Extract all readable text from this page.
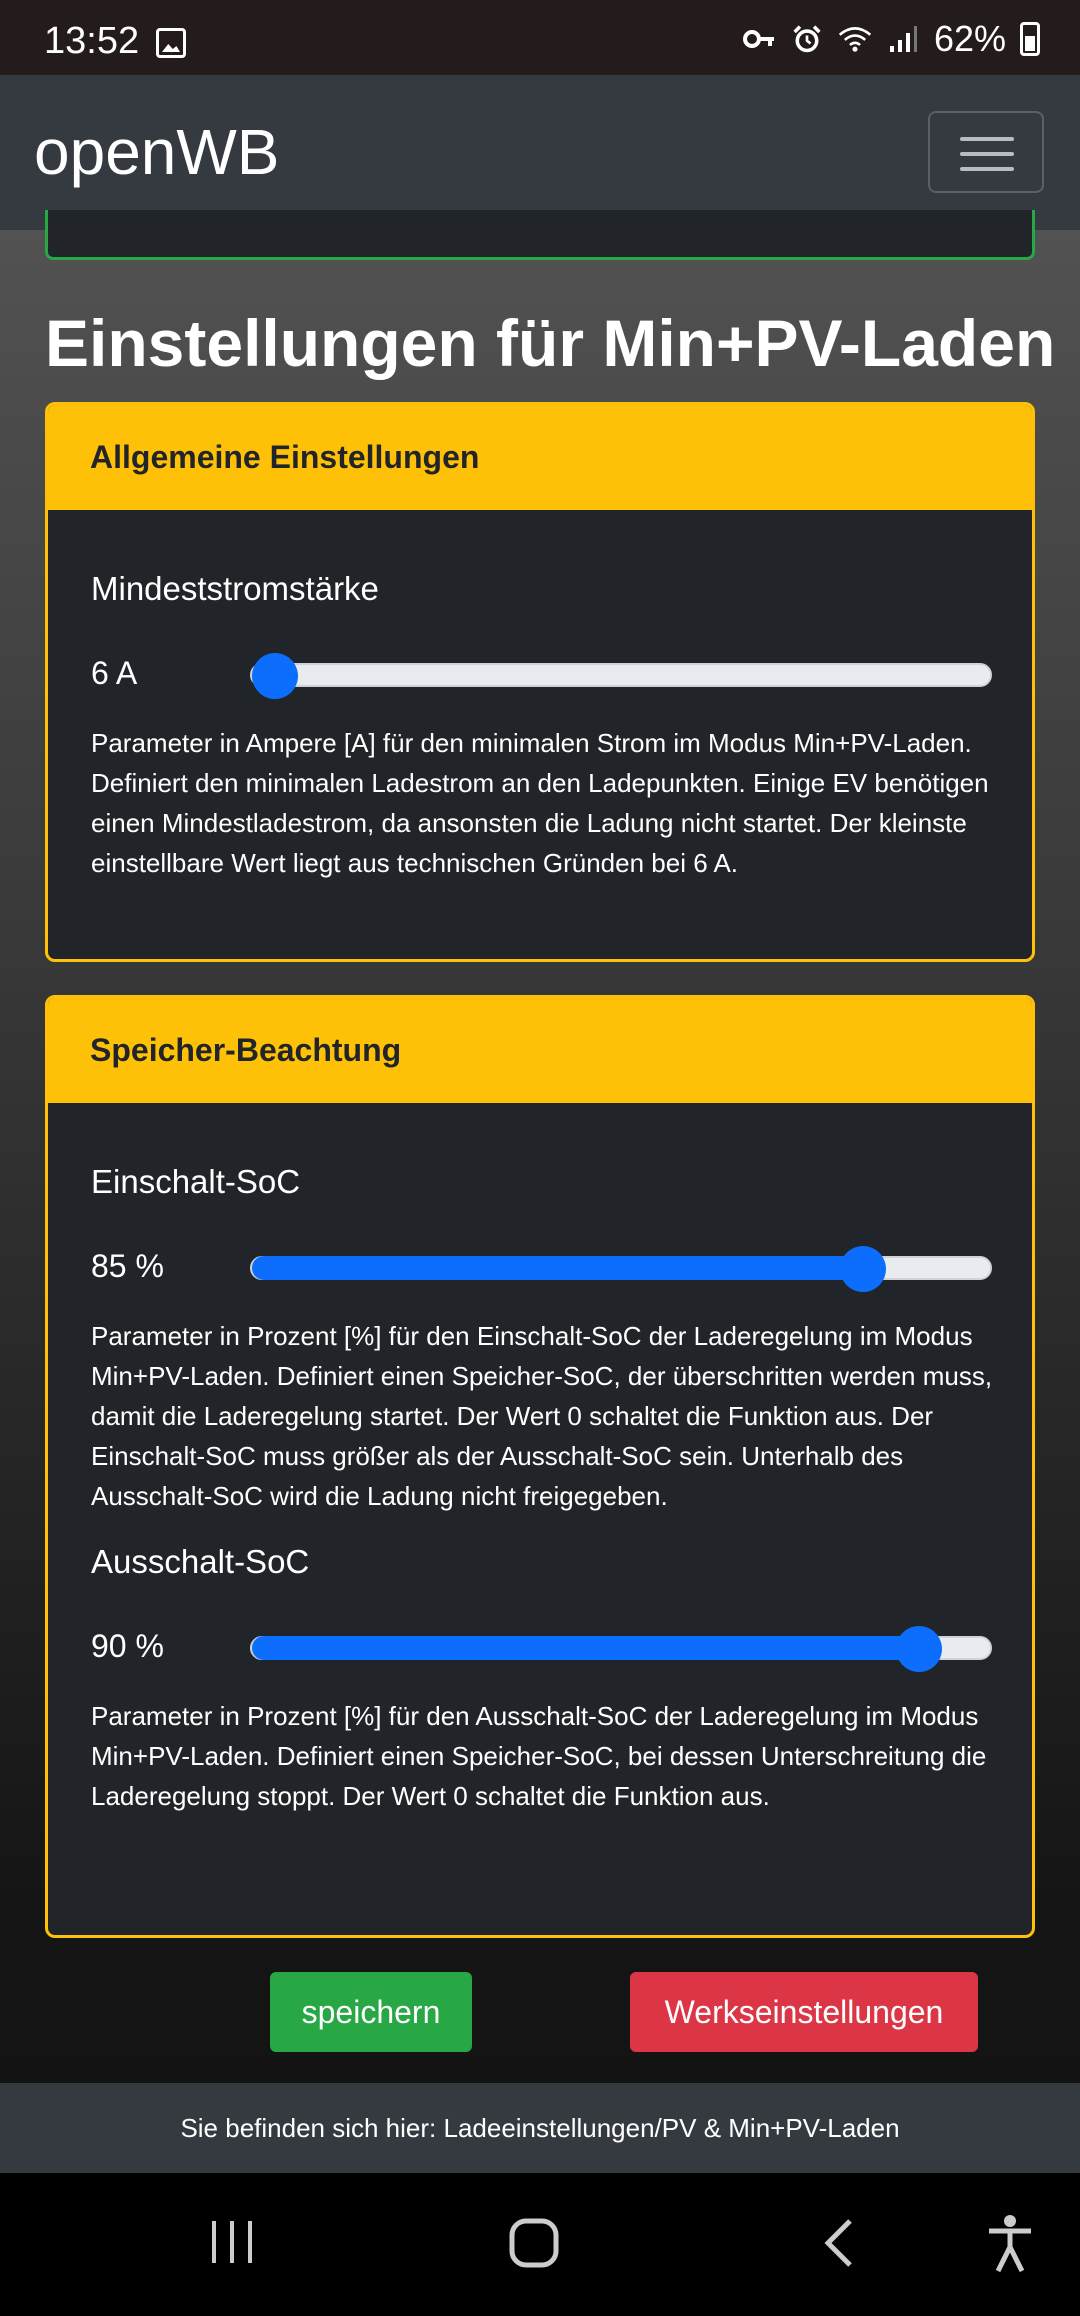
13:52	62%
openWB
Einstellungen für Min+PV-Laden
Allgemeine Einstellungen
Mindeststromstärke
6 A

Parameter in Ampere [A] für den minimalen Strom im Modus Min+PV-Laden. Definiert den minimalen Ladestrom an den Ladepunkten. Einige EV benötigen einen Mindestladestrom, da ansonsten die Ladung nicht startet. Der kleinste einstellbare Wert liegt aus technischen Gründen bei 6 A.

Speicher-Beachtung
Einschalt-SoC
85 %

Parameter in Prozent [%] für den Einschalt-SoC der Laderegelung im Modus Min+PV-Laden. Definiert einen Speicher-SoC, der überschritten werden muss, damit die Laderegelung startet. Der Wert 0 schaltet die Funktion aus. Der Einschalt-SoC muss größer als der Ausschalt-SoC sein. Unterhalb des Ausschalt-SoC wird die Ladung nicht freigegeben.

Ausschalt-SoC
90 %

Parameter in Prozent [%] für den Ausschalt-SoC der Laderegelung im Modus Min+PV-Laden. Definiert einen Speicher-SoC, bei dessen Unterschreitung die Laderegelung stoppt. Der Wert 0 schaltet die Funktion aus.

speichern	Werkseinstellungen
Sie befinden sich hier: Ladeeinstellungen/PV & Min+PV-Laden
